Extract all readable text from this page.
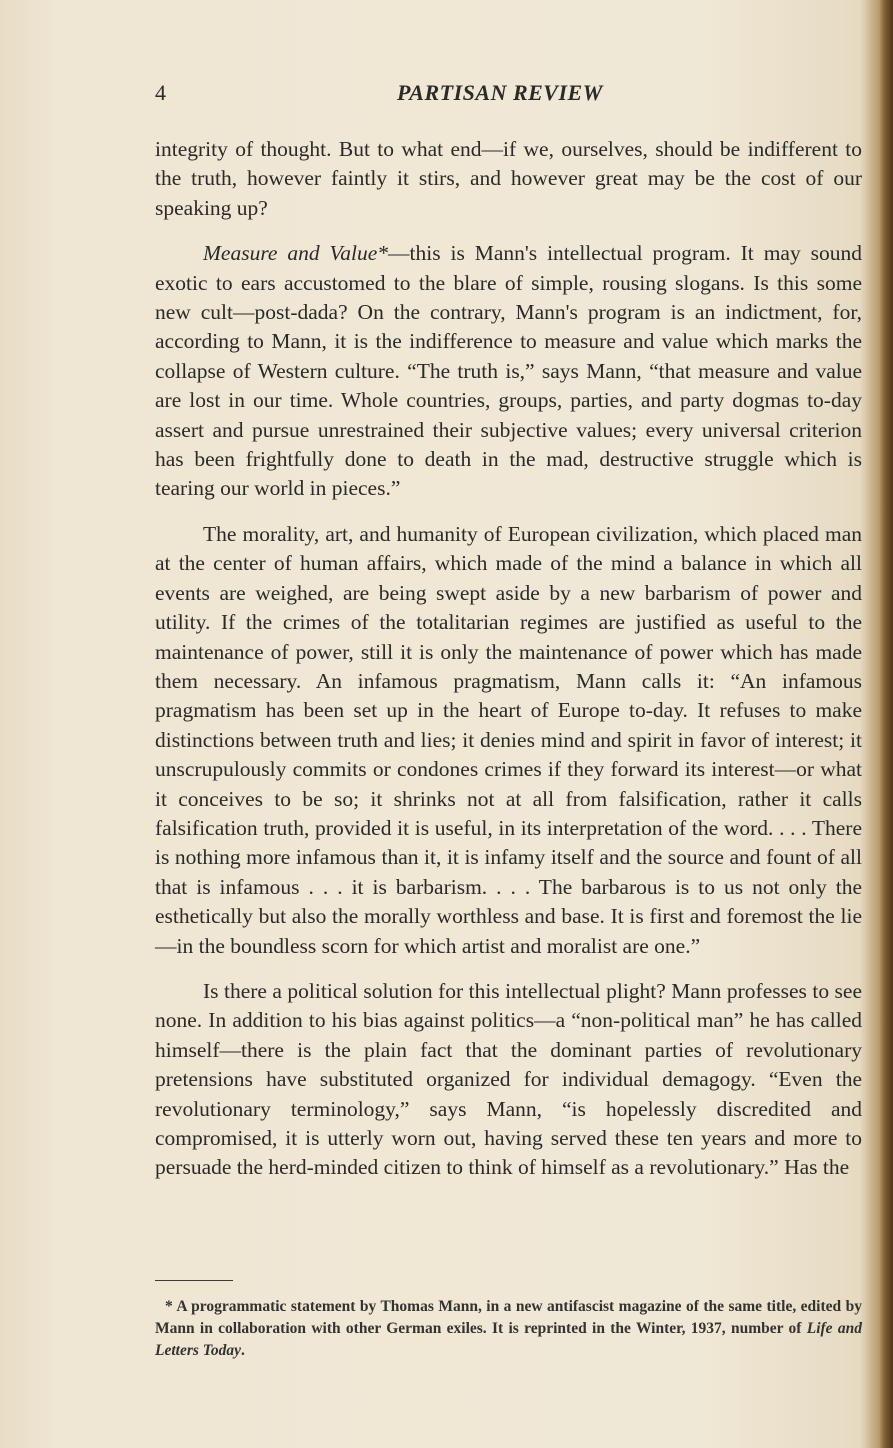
4	PARTISAN REVIEW

integrity of thought. But to what end—if we, ourselves, should be indifferent to the truth, however faintly it stirs, and however great may be the cost of our speaking up?

Measure and Value*—this is Mann's intellectual program. It may sound exotic to ears accustomed to the blare of simple, rousing slogans. Is this some new cult—post-dada? On the contrary, Mann's program is an indictment, for, according to Mann, it is the indifference to measure and value which marks the collapse of Western culture. “The truth is,” says Mann, “that measure and value are lost in our time. Whole countries, groups, parties, and party dogmas to-day assert and pursue unrestrained their subjective values; every universal criterion has been frightfully done to death in the mad, destructive struggle which is tearing our world in pieces.”

The morality, art, and humanity of European civilization, which placed man at the center of human affairs, which made of the mind a balance in which all events are weighed, are being swept aside by a new barbarism of power and utility. If the crimes of the totalitarian regimes are justified as useful to the maintenance of power, still it is only the maintenance of power which has made them necessary. An infamous pragmatism, Mann calls it: “An infamous pragmatism has been set up in the heart of Europe to-day. It refuses to make distinctions between truth and lies; it denies mind and spirit in favor of interest; it unscrupulously commits or condones crimes if they forward its interest—or what it conceives to be so; it shrinks not at all from falsification, rather it calls falsification truth, provided it is useful, in its interpretation of the word. . . . There is nothing more infamous than it, it is infamy itself and the source and fount of all that is infamous . . . it is barbarism. . . . The barbarous is to us not only the esthetically but also the morally worthless and base. It is first and foremost the lie—in the boundless scorn for which artist and moralist are one.”

Is there a political solution for this intellectual plight? Mann professes to see none. In addition to his bias against politics—a “non-political man” he has called himself—there is the plain fact that the dominant parties of revolutionary pretensions have substituted organized for individual demagogy. “Even the revolutionary terminology,” says Mann, “is hopelessly discredited and compromised, it is utterly worn out, having served these ten years and more to persuade the herd-minded citizen to think of himself as a revolutionary.” Has the

* A programmatic statement by Thomas Mann, in a new antifascist magazine of the same title, edited by Mann in collaboration with other German exiles. It is reprinted in the Winter, 1937, number of Life and Letters Today.
